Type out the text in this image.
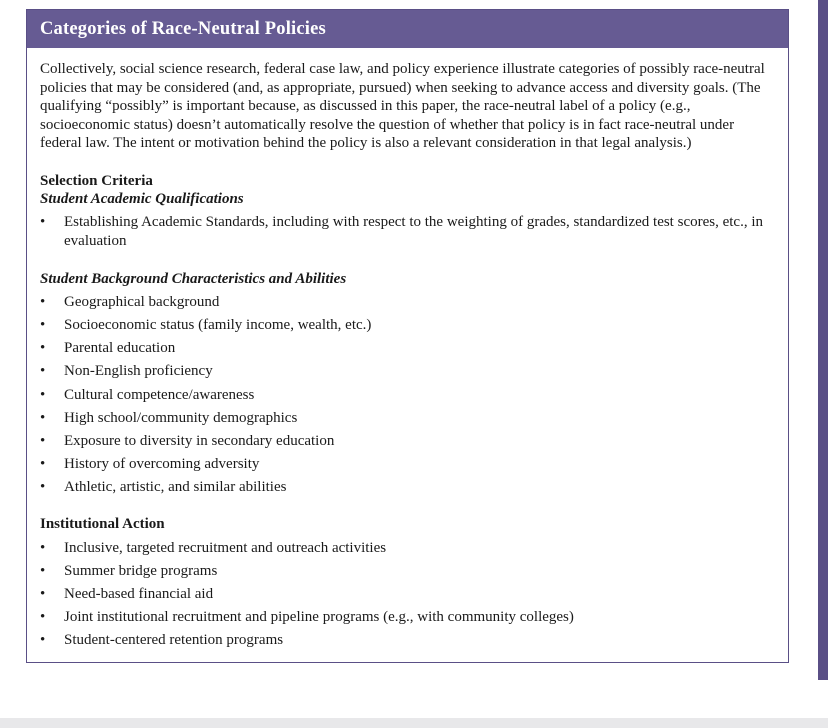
Categories of Race-Neutral Policies

Collectively, social science research, federal case law, and policy experience illustrate categories of possibly race-neutral policies that may be considered (and, as appropriate, pursued) when seeking to advance access and diversity goals. (The qualifying “possibly” is important because, as discussed in this paper, the race-neutral label of a policy (e.g., socioeconomic status) doesn’t automatically resolve the question of whether that policy is in fact race-neutral under federal law. The intent or motivation behind the policy is also a relevant consideration in that legal analysis.)

Selection Criteria
Student Academic Qualifications
•	Establishing Academic Standards, including with respect to the weighting of grades, standardized test scores, etc., in evaluation
Student Background Characteristics and Abilities
•	Geographical background
•	Socioeconomic status (family income, wealth, etc.)
•	Parental education
•	Non-English proficiency
•	Cultural competence/awareness
•	High school/community demographics
•	Exposure to diversity in secondary education
•	History of overcoming adversity
•	Athletic, artistic, and similar abilities
Institutional Action
•	Inclusive, targeted recruitment and outreach activities
•	Summer bridge programs
•	Need-based financial aid
•	Joint institutional recruitment and pipeline programs (e.g., with community colleges)
•	Student-centered retention programs
